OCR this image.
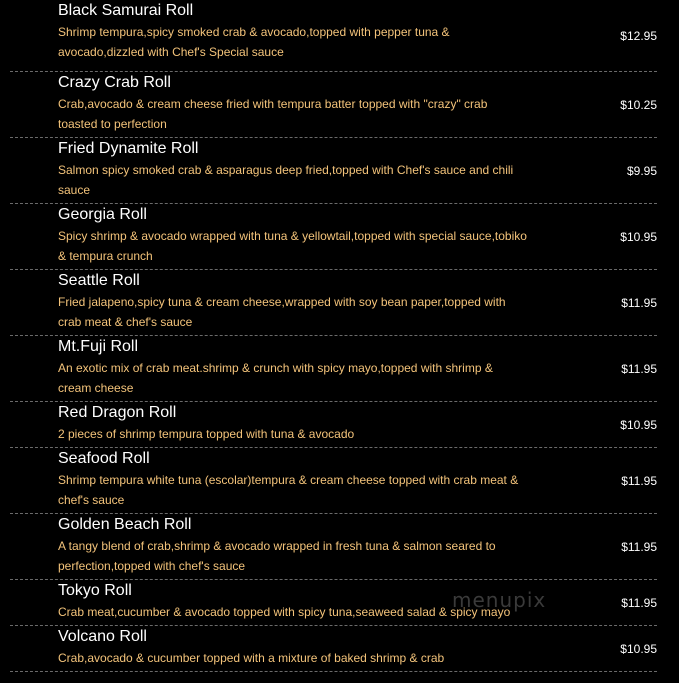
Black Samurai Roll
Shrimp tempura,spicy smoked crab & avocado,topped with pepper tuna & avocado,dizzled with Chef's Special sauce
$12.95
Crazy Crab Roll
Crab,avocado & cream cheese fried with tempura batter topped with "crazy" crab toasted to perfection
$10.25
Fried Dynamite Roll
Salmon spicy smoked crab & asparagus deep fried,topped with Chef's sauce and chili sauce
$9.95
Georgia Roll
Spicy shrimp & avocado wrapped with tuna & yellowtail,topped with special sauce,tobiko & tempura crunch
$10.95
Seattle Roll
Fried jalapeno,spicy tuna & cream cheese,wrapped with soy bean paper,topped with crab meat & chef's sauce
$11.95
Mt.Fuji Roll
An exotic mix of crab meat.shrimp & crunch with spicy mayo,topped with shrimp & cream cheese
$11.95
Red Dragon Roll
2 pieces of shrimp tempura topped with tuna & avocado
$10.95
Seafood Roll
Shrimp tempura white tuna (escolar)tempura & cream cheese topped with crab meat & chef's sauce
$11.95
Golden Beach Roll
A tangy blend of crab,shrimp & avocado wrapped in fresh tuna & salmon seared to perfection,topped with chef's sauce
$11.95
Tokyo Roll
Crab meat,cucumber & avocado topped with spicy tuna,seaweed salad & spicy mayo
$11.95
Volcano Roll
Crab,avocado & cucumber topped with a mixture of baked shrimp & crab
$10.95
menupix
